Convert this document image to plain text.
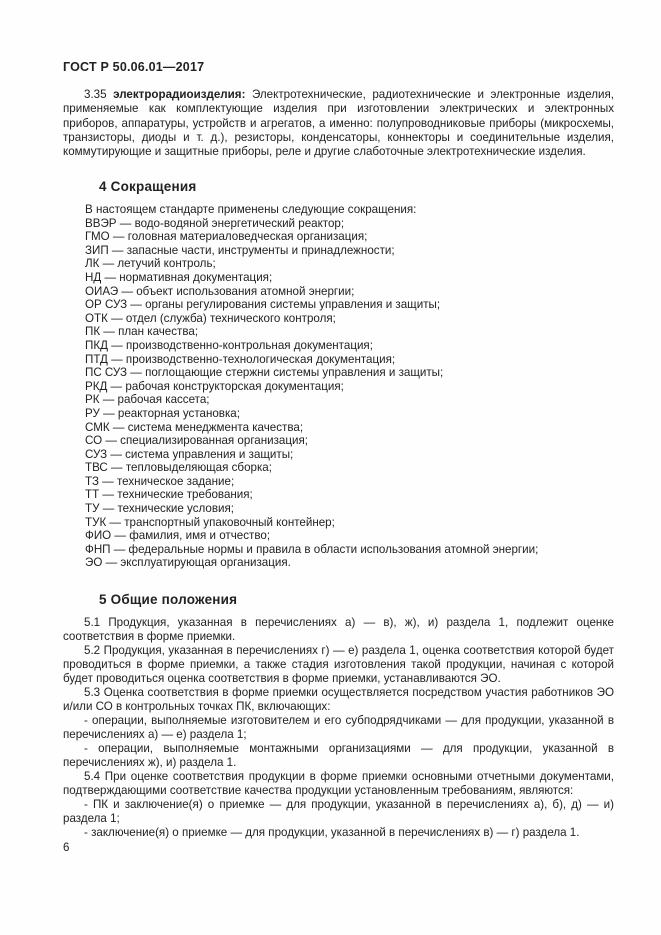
ГОСТ Р 50.06.01—2017

3.35 электрорадиоизделия: Электротехнические, радиотехнические и электронные изделия, применяемые как комплектующие изделия при изготовлении электрических и электронных приборов, аппаратуры, устройств и агрегатов, а именно: полупроводниковые приборы (микросхемы, транзисторы, диоды и т. д.), резисторы, конденсаторы, коннекторы и соединительные изделия, коммутирующие и защитные приборы, реле и другие слаботочные электротехнические изделия.

4 Сокращения
В настоящем стандарте применены следующие сокращения:
ВВЭР — водо-водяной энергетический реактор;
ГМО — головная материаловедческая организация;
ЗИП — запасные части, инструменты и принадлежности;
ЛК — летучий контроль;
НД — нормативная документация;
ОИАЭ — объект использования атомной энергии;
ОР СУЗ — органы регулирования системы управления и защиты;
ОТК — отдел (служба) технического контроля;
ПК — план качества;
ПКД — производственно-контрольная документация;
ПТД — производственно-технологическая документация;
ПС СУЗ — поглощающие стержни системы управления и защиты;
РКД — рабочая конструкторская документация;
РК — рабочая кассета;
РУ — реакторная установка;
СМК — система менеджмента качества;
СО — специализированная организация;
СУЗ — система управления и защиты;
ТВС — тепловыделяющая сборка;
ТЗ — техническое задание;
ТТ — технические требования;
ТУ — технические условия;
ТУК — транспортный упаковочный контейнер;
ФИО — фамилия, имя и отчество;
ФНП — федеральные нормы и правила в области использования атомной энергии;
ЭО — эксплуатирующая организация.
5 Общие положения

5.1 Продукция, указанная в перечислениях а) — в), ж), и) раздела 1, подлежит оценке соответствия в форме приемки.

5.2 Продукция, указанная в перечислениях г) — е) раздела 1, оценка соответствия которой будет проводиться в форме приемки, а также стадия изготовления такой продукции, начиная с которой будет проводиться оценка соответствия в форме приемки, устанавливаются ЭО.

5.3 Оценка соответствия в форме приемки осуществляется посредством участия работников ЭО и/или СО в контрольных точках ПК, включающих:

- операции, выполняемые изготовителем и его субподрядчиками — для продукции, указанной в перечислениях а) — е) раздела 1;

- операции, выполняемые монтажными организациями — для продукции, указанной в перечислениях ж), и) раздела 1.

5.4 При оценке соответствия продукции в форме приемки основными отчетными документами, подтверждающими соответствие качества продукции установленным требованиям, являются:

- ПК и заключение(я) о приемке — для продукции, указанной в перечислениях а), б), д) — и) раздела 1;

- заключение(я) о приемке — для продукции, указанной в перечислениях в) — г) раздела 1.

6
